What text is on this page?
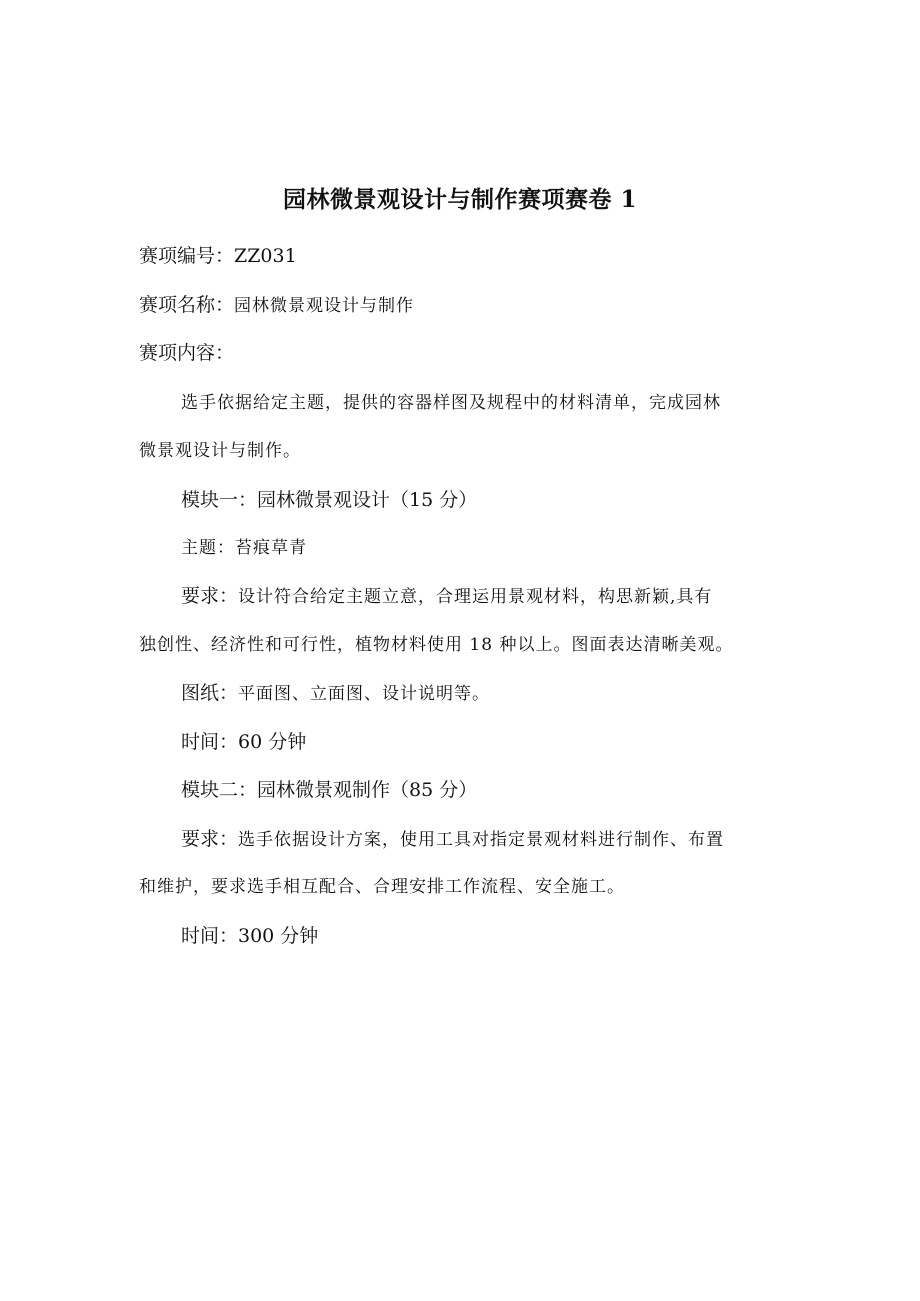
园林微景观设计与制作赛项赛卷 1
赛项编号：ZZ031
赛项名称：园林微景观设计与制作
赛项内容：
选手依据给定主题，提供的容器样图及规程中的材料清单，完成园林
微景观设计与制作。
模块一：园林微景观设计（15 分）
主题：苔痕草青
要求：设计符合给定主题立意，合理运用景观材料，构思新颖,具有
独创性、经济性和可行性，植物材料使用 18 种以上。图面表达清晰美观。
图纸：平面图、立面图、设计说明等。
时间：60 分钟
模块二：园林微景观制作（85 分）
要求：选手依据设计方案，使用工具对指定景观材料进行制作、布置
和维护，要求选手相互配合、合理安排工作流程、安全施工。
时间：300 分钟
